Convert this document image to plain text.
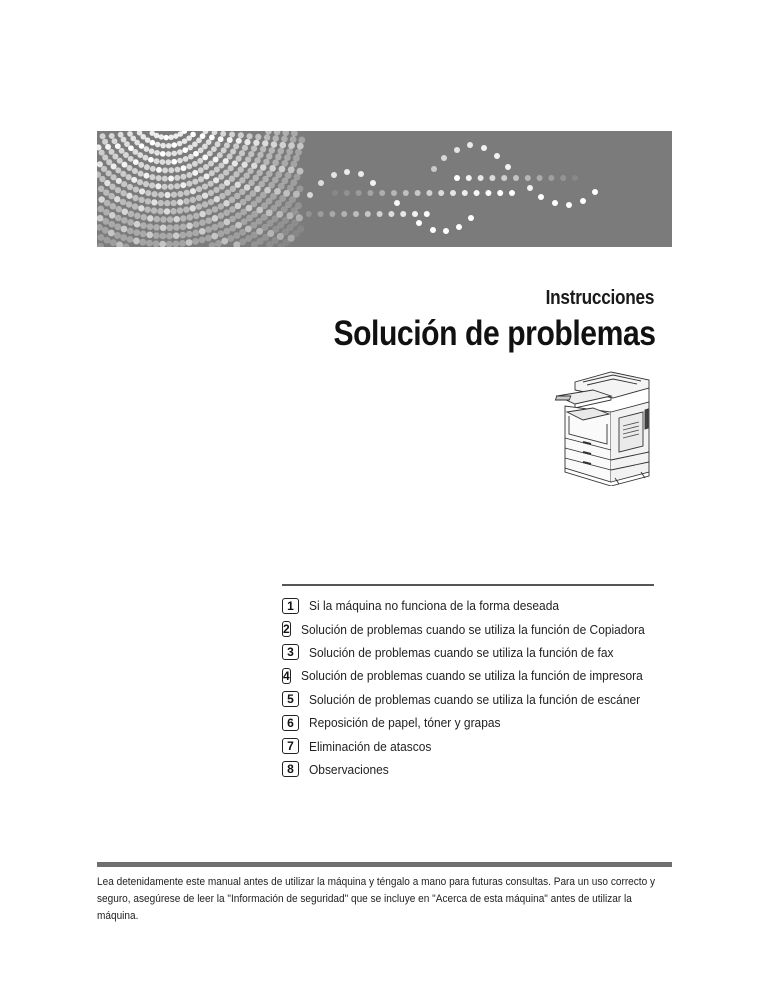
Instrucciones
Solución de problemas
1	Si la máquina no funciona de la forma deseada
2 Solución de problemas cuando se utiliza la función de Copiadora
3	Solución de problemas cuando se utiliza la función de fax
4 Solución de problemas cuando se utiliza la función de impresora
5	Solución de problemas cuando se utiliza la función de escáner
6	Reposición de papel, tóner y grapas
7	Eliminación de atascos
8	Observaciones
Lea detenidamente este manual antes de utilizar la máquina y téngalo a mano para futuras consultas. Para un uso correcto y seguro, asegúrese de leer la "Información de seguridad" que se incluye en "Acerca de esta máquina" antes de utilizar la máquina.
